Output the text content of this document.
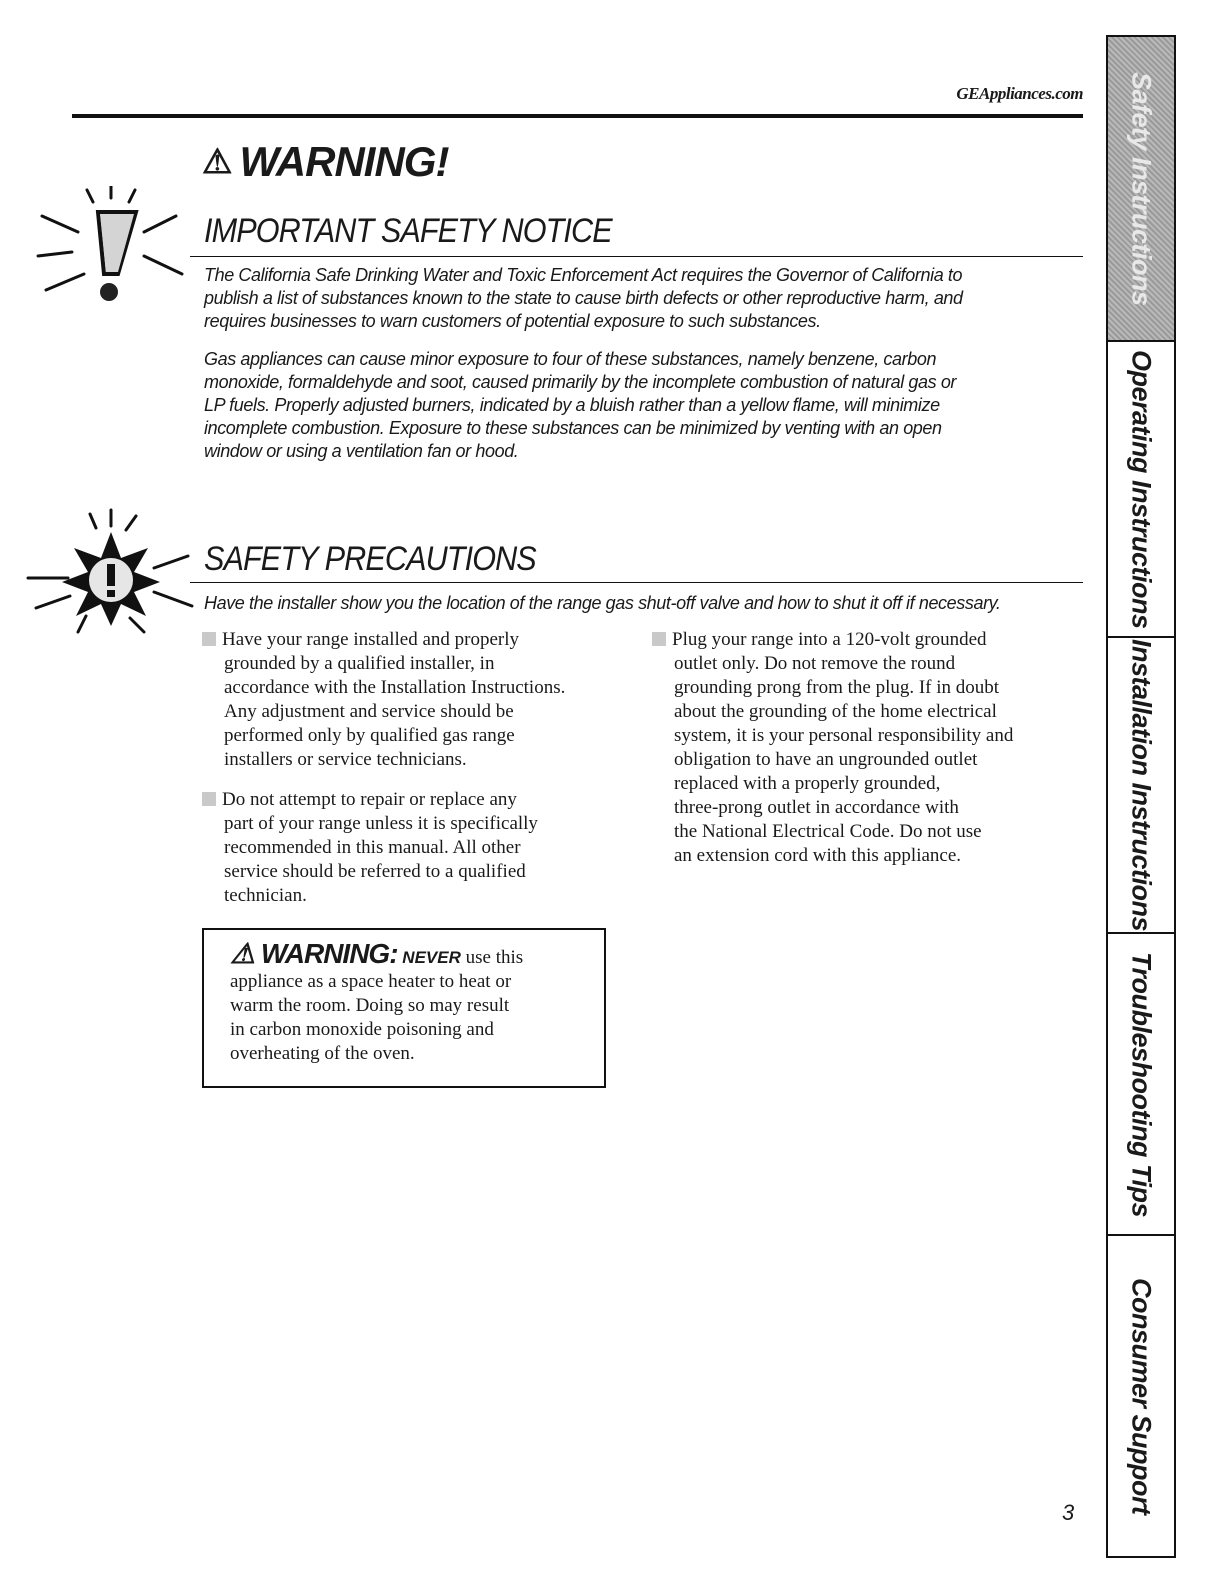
GEAppliances.com
⚠ WARNING!
IMPORTANT SAFETY NOTICE
The California Safe Drinking Water and Toxic Enforcement Act requires the Governor of California to
publish a list of substances known to the state to cause birth defects or other reproductive harm, and
requires businesses to warn customers of potential exposure to such substances.
Gas appliances can cause minor exposure to four of these substances, namely benzene, carbon
monoxide, formaldehyde and soot, caused primarily by the incomplete combustion of natural gas or
LP fuels. Properly adjusted burners, indicated by a bluish rather than a yellow flame, will minimize
incomplete combustion. Exposure to these substances can be minimized by venting with an open
window or using a ventilation fan or hood.
SAFETY PRECAUTIONS
Have the installer show you the location of the range gas shut-off valve and how to shut it off if necessary.
Have your range installed and properly
grounded by a qualified installer, in
accordance with the Installation Instructions.
Any adjustment and service should be
performed only by qualified gas range
installers or service technicians.
Do not attempt to repair or replace any
part of your range unless it is specifically
recommended in this manual. All other
service should be referred to a qualified
technician.
Plug your range into a 120-volt grounded
outlet only. Do not remove the round
grounding prong from the plug. If in doubt
about the grounding of the home electrical
system, it is your personal responsibility and
obligation to have an ungrounded outlet
replaced with a properly grounded,
three-prong outlet in accordance with
the National Electrical Code. Do not use
an extension cord with this appliance.
⚠ WARNING: NEVER use this
appliance as a space heater to heat or
warm the room. Doing so may result
in carbon monoxide poisoning and
overheating of the oven.
Safety Instructions
Operating Instructions
Installation Instructions
Troubleshooting Tips
Consumer Support
3
